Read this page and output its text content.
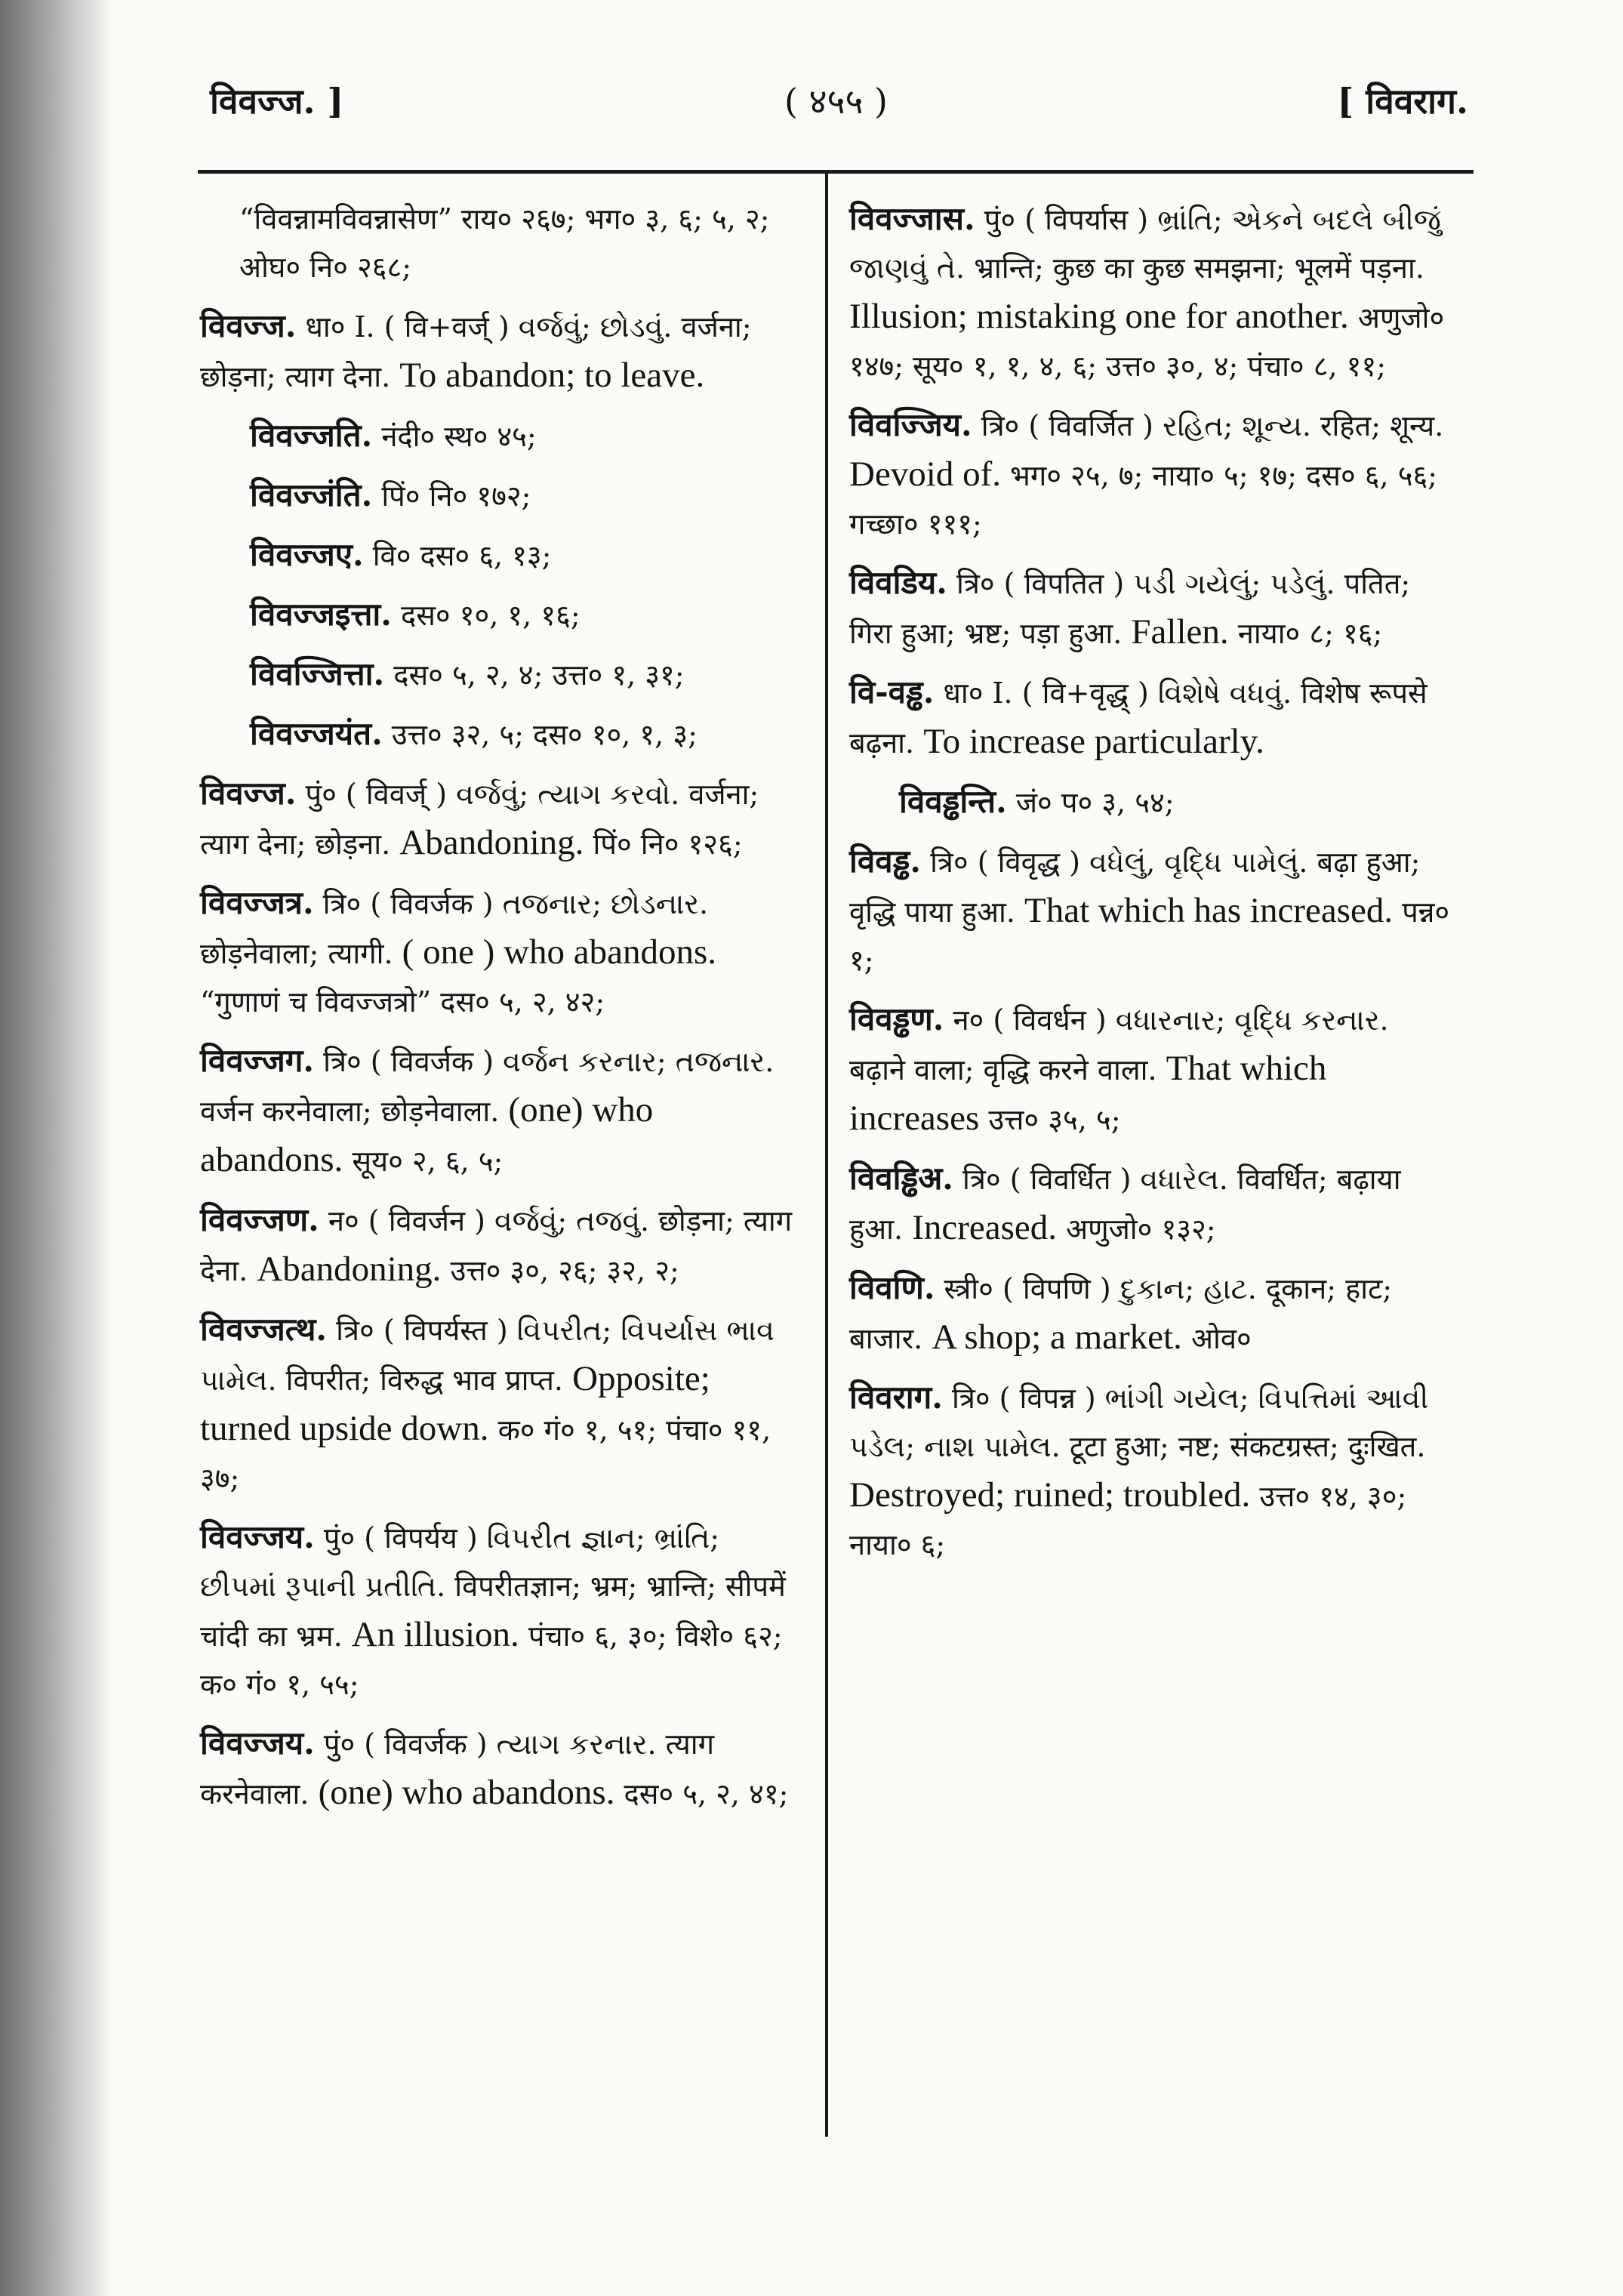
विवज्ज. ]	( ४५५ )	[ विवराग.
“विवन्नामविवन्नासेण” राय० २६७; भग० ३, ६; ५, २; ओघ० नि० २६८;
विवज्ज. धा० I. ( वि+वर्ज् ) વર્જવું; છોડવું. वर्जना; छोड़ना; त्याग देना. To abandon; to leave.
विवज्जति. नंदी० स्थ० ४५;
विवज्जंति. पिं० नि० १७२;
विवज्जए. वि० दस० ६, १३;
विवज्जइत्ता. दस० १०, १, १६;
विवज्जित्ता. दस० ५, २, ४; उत्त० १, ३१;
विवज्जयंत. उत्त० ३२, ५; दस० १०, १, ३;
विवज्ज. पुं० ( विवर्ज् ) વર્જવું; ત્યાગ કરવો. वर्जना; त्याग देना; छोड़ना. Abandoning. पिं० नि० १२६;
विवज्जत्र. त्रि० ( विवर्जक ) તજનાર; છોડનાર. छोड़नेवाला; त्यागी. ( one ) who abandons. “गुणाणं च विवज्जत्रो” दस० ५, २, ४२;
विवज्जग. त्रि० ( विवर्जक ) વર્જન કરનાર; તજનાર. वर्जन करनेवाला; छोड़नेवाला. (one) who abandons. सूय० २, ६, ५;
विवज्जण. न० ( विवर्जन ) વર્જવું; તજવું. छोड़ना; त्याग देना. Abandoning. उत्त० ३०, २६; ३२, २;
विवज्जत्थ. त्रि० ( विपर्यस्त ) વિપરીત; વિપર્યાસ ભાવ પામેલ. विपरीत; विरुद्ध भाव प्राप्त. Opposite; turned upside down. क० गं० १, ५१; पंचा० ११, ३७;
विवज्जय. पुं० ( विपर्यय ) વિપરીત જ્ઞાન; ભ્રાંતિ; છીપમાં રૂપાની પ્રતીતિ. विपरीतज्ञान; भ्रम; भ्रान्ति; सीपमें चांदी का भ्रम. An illusion. पंचा० ६, ३०; विशे० ६२; क० गं० १, ५५;
विवज्जय. पुं० ( विवर्जक ) ત્યાગ કરનાર. त्याग करनेवाला. (one) who abandons. दस० ५, २, ४१;
विवज्जास. पुं० ( विपर्यास ) ભ્રાંતિ; એકને બદલે બીજું જાણવું તે. भ्रान्ति; कुछ का कुछ समझना; भूलमें पड़ना. Illusion; mistaking one for another. अणुजो० १४७; सूय० १, १, ४, ६; उत्त० ३०, ४; पंचा० ८, ११;
विवज्जिय. त्रि० ( विवर्जित ) રહિત; શૂન્ય. रहित; शून्य. Devoid of. भग० २५, ७; नाया० ५; १७; दस० ६, ५६; गच्छा० १११;
विवडिय. त्रि० ( विपतित ) પડી ગયેલું; પડેલું. पतित; गिरा हुआ; भ्रष्ट; पड़ा हुआ. Fallen. नाया० ८; १६;
वि-वड्ढ. धा० I. ( वि+वृद्ध् ) વિશેષે વધવું. विशेष रूपसे बढ़ना. To increase particularly.
विवड्ढन्ति. जं० प० ३, ५४;
विवड्ढ. त्रि० ( विवृद्ध ) વધેલું, વૃદ્ધિ પામેલું. बढ़ा हुआ; वृद्धि पाया हुआ. That which has increased. पन्न० १;
विवड्ढण. न० ( विवर्धन ) વધારનાર; વૃદ્ધિ કરનાર. बढ़ाने वाला; वृद्धि करने वाला. That which increases उत्त० ३५, ५;
विवड्ढिअ. त्रि० ( विवर्धित ) વધારેલ. विवर्धित; बढ़ाया हुआ. Increased. अणुजो० १३२;
विवणि. स्त्री० ( विपणि ) દુકાન; હાટ. दूकान; हाट; बाजार. A shop; a market. ओव०
विवराग. त्रि० ( विपन्न ) ભાંગી ગયેલ; વિપત્તિમાં આવી પડેલ; નાશ પામેલ. टूटा हुआ; नष्ट; संकटग्रस्त; दुःखित. Destroyed; ruined; troubled. उत्त० १४, ३०; नाया० ६;
